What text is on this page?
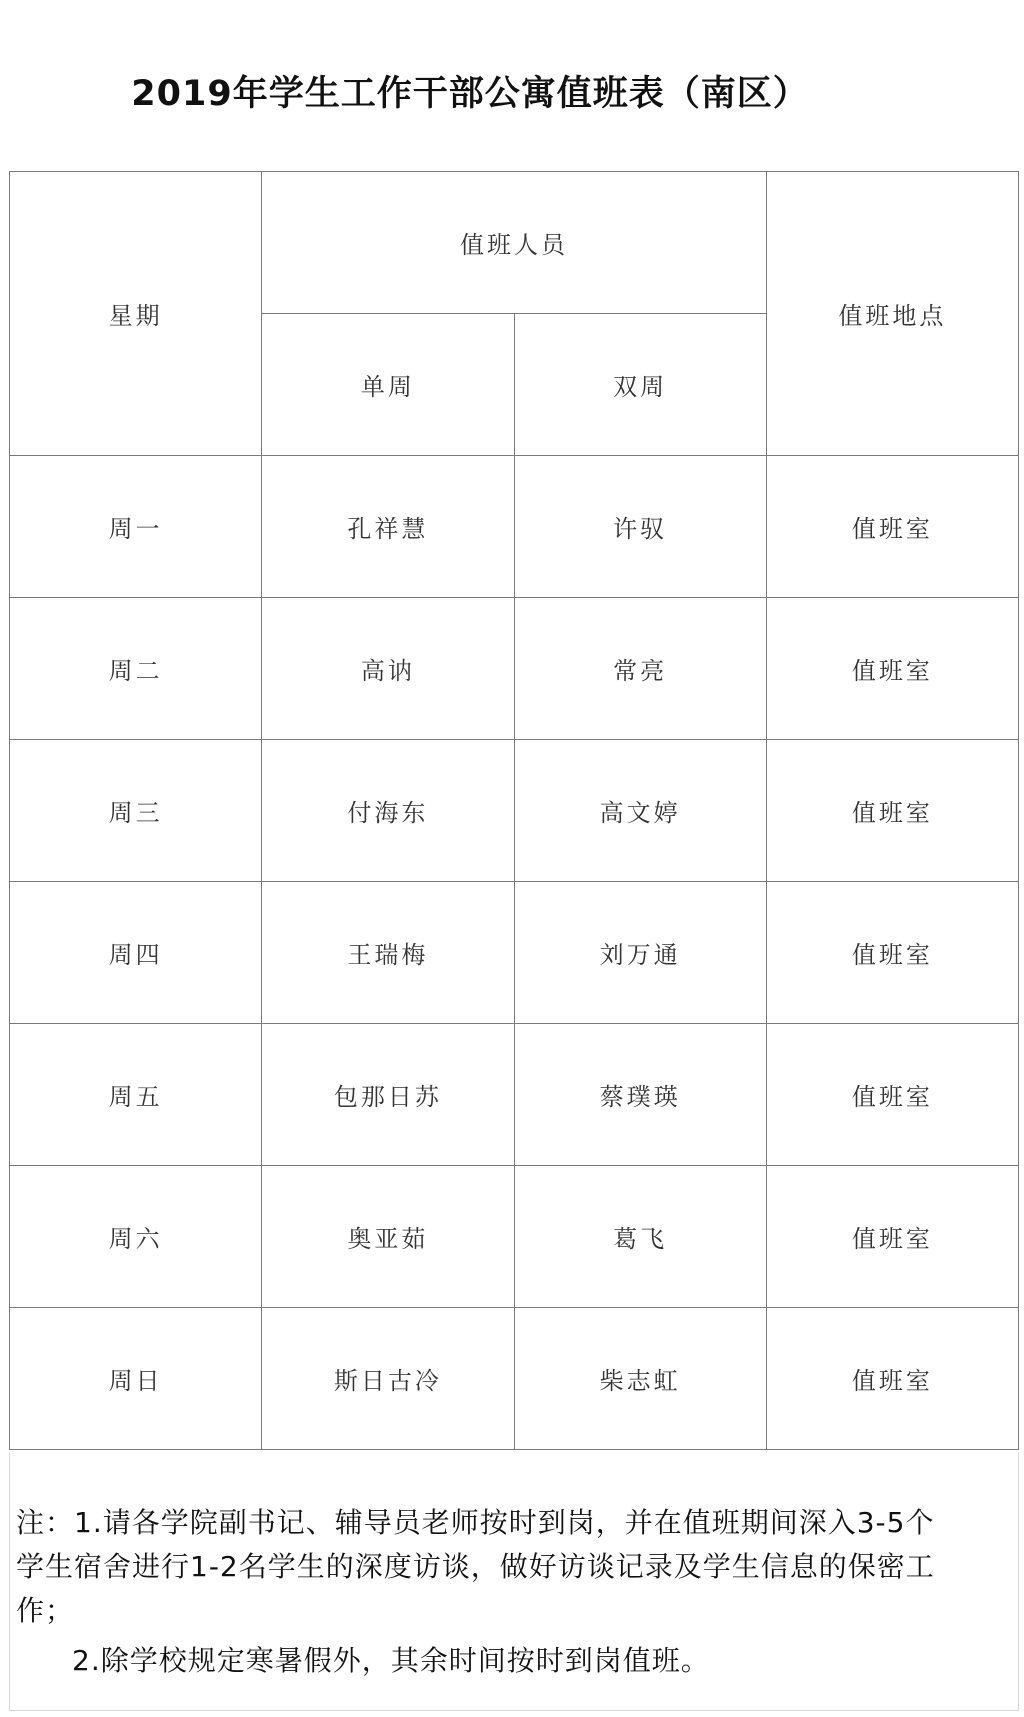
2019年学生工作干部公寓值班表（南区）
星期	值班人员		值班地点
	单周	双周	
周一	孔祥慧	许驭	值班室
周二	高讷	常亮	值班室
周三	付海东	高文婷	值班室
周四	王瑞梅	刘万通	值班室
周五	包那日苏	蔡璞瑛	值班室
周六	奥亚茹	葛飞	值班室
周日	斯日古冷	柴志虹	值班室
注：1.请各学院副书记、辅导员老师按时到岗，并在值班期间深入3-5个
学生宿舍进行1-2名学生的深度访谈，做好访谈记录及学生信息的保密工
作；
2.除学校规定寒暑假外，其余时间按时到岗值班。
